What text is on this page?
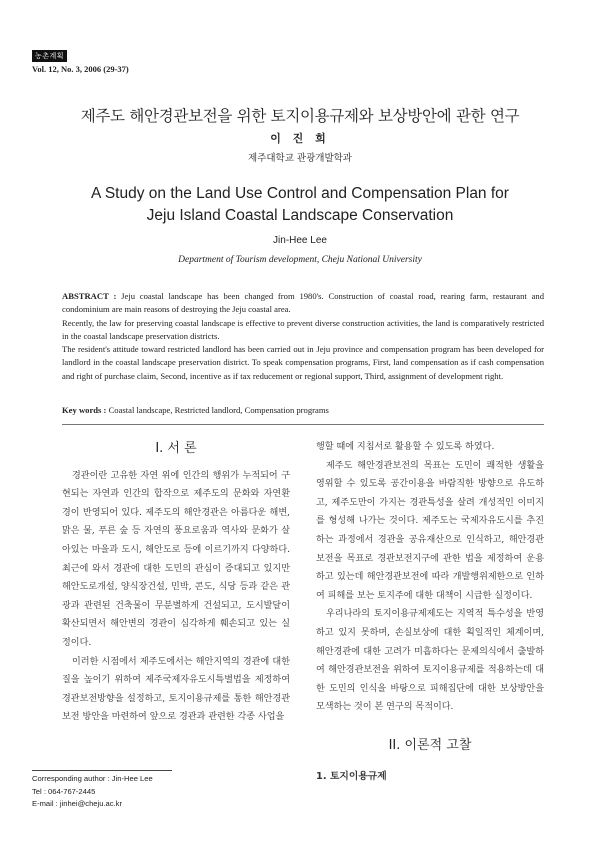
농촌계획
Vol. 12, No. 3, 2006 (29-37)
제주도 해안경관보전을 위한 토지이용규제와 보상방안에 관한 연구
이 진 희
제주대학교 관광개발학과
A Study on the Land Use Control and Compensation Plan for
Jeju Island Coastal Landscape Conservation
Jin-Hee Lee
Department of Tourism development, Cheju National University

ABSTRACT : Jeju coastal landscape has been changed from 1980's. Construction of coastal road, rearing farm, restaurant and condominium are main reasons of destroying the Jeju coastal area.

Recently, the law for preserving coastal landscape is effective to prevent diverse construction activities, the land is comparatively restricted in the coastal landscape preservation districts.

The resident's attitude toward restricted landlord has been carried out in Jeju province and compensation program has been developed for landlord in the coastal landscape preservation district. To speak compensation programs, First, land compensation as if cash compensation and right of purchase claim, Second, incentive as if tax reducement or regional support, Third, assignment of development right.

Key words : Coastal landscape, Restricted landlord, Compensation programs
I. 서 론

경관이란 고유한 자연 위에 인간의 행위가 누적되어 구현되는 자연과 인간의 합작으로 제주도의 문화와 자연환경이 반영되어 있다. 제주도의 해안경관은 아름다운 해변, 맑은 물, 푸른 숲 등 자연의 풍요로움과 역사와 문화가 살아있는 마을과 도시, 해안도로 등에 이르기까지 다양하다. 최근에 와서 경관에 대한 도민의 관심이 증대되고 있지만 해안도로개설, 양식장건설, 민박, 콘도, 식당 등과 같은 관광과 관련된 건축물이 무분별하게 건설되고, 도시발달이 확산되면서 해안변의 경관이 심각하게 훼손되고 있는 실정이다.

이러한 시점에서 제주도에서는 해안지역의 경관에 대한 질을 높이기 위하여 제주국제자유도시특별법을 제정하여 경관보전방향을 설정하고, 토지이용규제를 통한 해안경관보전 방안을 마련하여 앞으로 경관과 관련한 각종 사업을

행할 때에 지침서로 활용할 수 있도록 하였다.

제주도 해안경관보전의 목표는 도민이 쾌적한 생활을 영위할 수 있도록 공간이용을 바람직한 방향으로 유도하고, 제주도만이 가지는 경관특성을 살려 개성적인 이미지를 형성해 나가는 것이다. 제주도는 국제자유도시를 추진하는 과정에서 경관을 공유재산으로 인식하고, 해안경관보전을 목표로 경관보전지구에 관한 법을 제정하여 운용하고 있는데 해안경관보전에 따라 개발행위제한으로 인하여 피해를 보는 토지주에 대한 대책이 시급한 실정이다.

우리나라의 토지이용규제제도는 지역적 특수성을 반영하고 있지 못하며, 손실보상에 대한 획일적인 체계이며, 해안경관에 대한 고려가 미흡하다는 문제의식에서 출발하여 해안경관보전을 위하여 토지이용규제를 적용하는데 대한 도민의 인식을 바탕으로 피해집단에 대한 보상방안을 모색하는 것이 본 연구의 목적이다.

II. 이론적 고찰
1. 토지이용규제
Corresponding author : Jin-Hee Lee
Tel : 064-767-2445
E-mail : jinhei@cheju.ac.kr
